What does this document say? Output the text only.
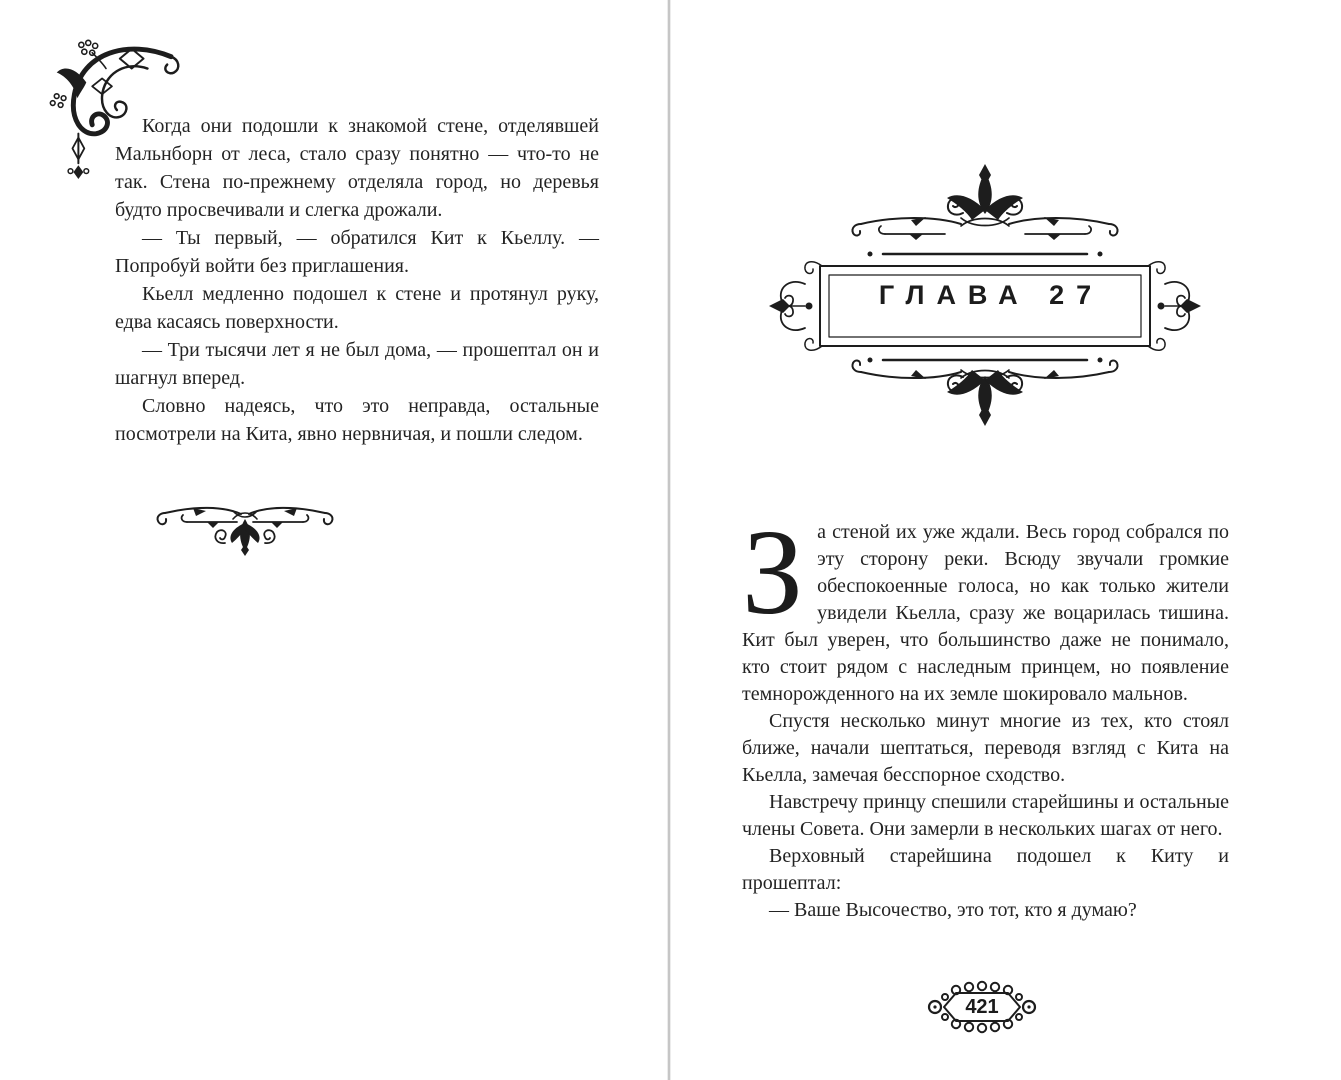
Когда они подошли к знакомой стене, отделявшей Мальнборн от леса, стало сразу понятно — что-то не так. Стена по-прежнему отделяла город, но деревья будто просвечивали и слегка дрожали.

— Ты первый, — обратился Кит к Кьеллу. — Попробуй войти без приглашения.

Кьелл медленно подошел к стене и протянул руку, едва касаясь поверхности.

— Три тысячи лет я не был дома, — прошептал он и шагнул вперед.

Словно надеясь, что это неправда, остальные посмотрели на Кита, явно нервничая, и пошли следом.

ГЛАВА 27

За стеной их уже ждали. Весь город собрался по эту сторону реки. Всюду звучали громкие обеспокоенные голоса, но как только жители увидели Кьелла, сразу же воцарилась тишина. Кит был уверен, что большинство даже не понимало, кто стоит рядом с наследным принцем, но появление темнорожденного на их земле шокировало мальнов.

Спустя несколько минут многие из тех, кто стоял ближе, начали шептаться, переводя взгляд с Кита на Кьелла, замечая бесспорное сходство.

Навстречу принцу спешили старейшины и остальные члены Совета. Они замерли в нескольких шагах от него.

Верховный старейшина подошел к Киту и прошептал:

— Ваше Высочество, это тот, кто я думаю?

421
